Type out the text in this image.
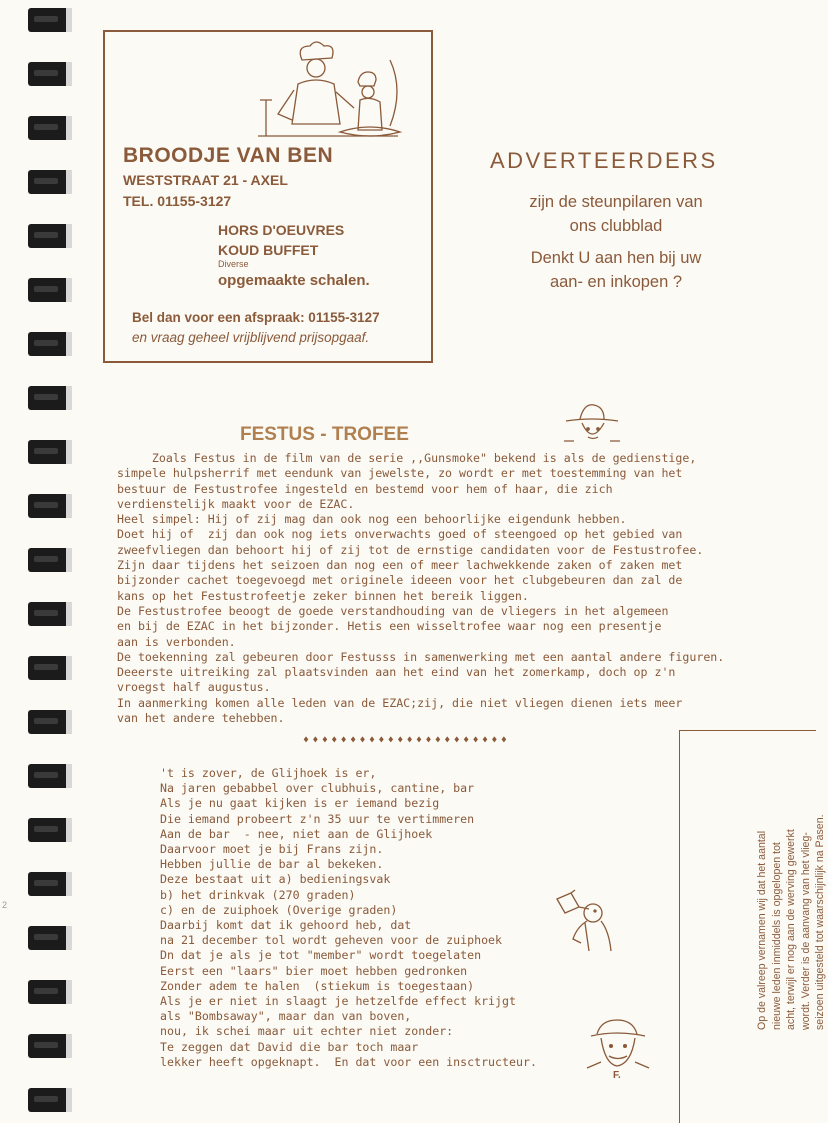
2
BROODJE VAN BEN
WESTSTRAAT 21 - AXEL
TEL. 01155-3127
HORS D'OEUVRES
KOUD BUFFET
Diverse
opgemaakte schalen.
Bel dan voor een afspraak: 01155-3127
en vraag geheel vrijblijvend prijsopgaaf.
ADVERTEERDERS
zijn de steunpilaren van
ons clubblad
Denkt U aan hen bij uw
aan- en inkopen ?
FESTUS - TROFEE
Zoals Festus in de film van de serie ,,Gunsmoke" bekend is als de gedienstige,
simpele hulpsherrif met eendunk van jewelste, zo wordt er met toestemming van het
bestuur de Festustrofee ingesteld en bestemd voor hem of haar, die zich
verdienstelijk maakt voor de EZAC.
Heel simpel: Hij of zij mag dan ook nog een behoorlijke eigendunk hebben.
Doet hij of  zij dan ook nog iets onverwachts goed of steengoed op het gebied van
zweefvliegen dan behoort hij of zij tot de ernstige candidaten voor de Festustrofee.
Zijn daar tijdens het seizoen dan nog een of meer lachwekkende zaken of zaken met
bijzonder cachet toegevoegd met originele ideeen voor het clubgebeuren dan zal de
kans op het Festustrofeetje zeker binnen het bereik liggen.
De Festustrofee beoogt de goede verstandhouding van de vliegers in het algemeen
en bij de EZAC in het bijzonder. Hetis een wisseltrofee waar nog een presentje
aan is verbonden.
De toekenning zal gebeuren door Festusss in samenwerking met een aantal andere figuren.
Deeerste uitreiking zal plaatsvinden aan het eind van het zomerkamp, doch op z'n
vroegst half augustus.
In aanmerking komen alle leden van de EZAC;zij, die niet vliegen dienen iets meer
van het andere tehebben.
♦♦♦♦♦♦♦♦♦♦♦♦♦♦♦♦♦♦♦♦♦♦
't is zover, de Glijhoek is er,
Na jaren gebabbel over clubhuis, cantine, bar
Als je nu gaat kijken is er iemand bezig
Die iemand probeert z'n 35 uur te vertimmeren
Aan de bar  - nee, niet aan de Glijhoek
Daarvoor moet je bij Frans zijn.
Hebben jullie de bar al bekeken.
Deze bestaat uit a) bedieningsvak
b) het drinkvak (270 graden)
c) en de zuiphoek (Overige graden)
Daarbij komt dat ik gehoord heb, dat
na 21 december tol wordt geheven voor de zuiphoek
Dn dat je als je tot "member" wordt toegelaten
Eerst een "laars" bier moet hebben gedronken
Zonder adem te halen  (stiekum is toegestaan)
Als je er niet in slaagt je hetzelfde effect krijgt
als "Bombsaway", maar dan van boven,
nou, ik schei maar uit echter niet zonder:
Te zeggen dat David die bar toch maar
lekker heeft opgeknapt.  En dat voor een insctructeur.
F.
Op de valreep vernamen wij dat het aantal nieuwe leden inmiddels is opgelopen tot acht, terwijl er nog aan de werving gewerkt wordt. Verder is de aanvang van het vlieg- seizoen uitgesteld tot waarschijnlijk na Pasen.
